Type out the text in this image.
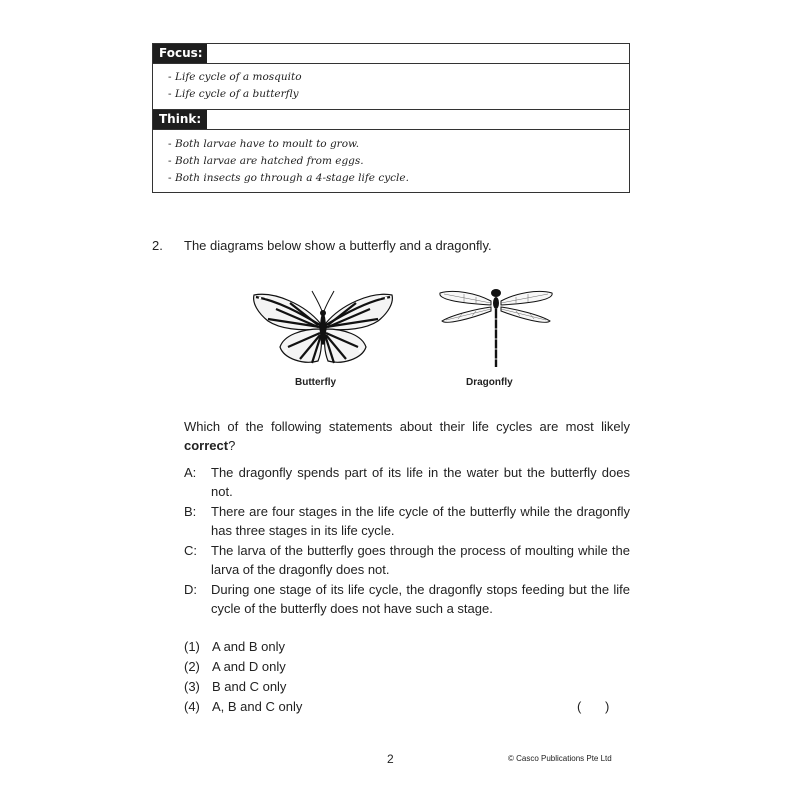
Focus:
- Life cycle of a mosquito
- Life cycle of a butterfly
Think:
- Both larvae have to moult to grow.
- Both larvae are hatched from eggs.
- Both insects go through a 4-stage life cycle.
2. The diagrams below show a butterfly and a dragonfly.
Butterfly	Dragonfly
Which of the following statements about their life cycles are most likely correct?
A: The dragonfly spends part of its life in the water but the butterfly does not.
B: There are four stages in the life cycle of the butterfly while the dragonfly has three stages in its life cycle.
C: The larva of the butterfly goes through the process of moulting while the larva of the dragonfly does not.
D: During one stage of its life cycle, the dragonfly stops feeding but the life cycle of the butterfly does not have such a stage.
(1) A and B only
(2) A and D only
(3) B and C only
(4) A, B and C only	( )
2	© Casco Publications Pte Ltd
